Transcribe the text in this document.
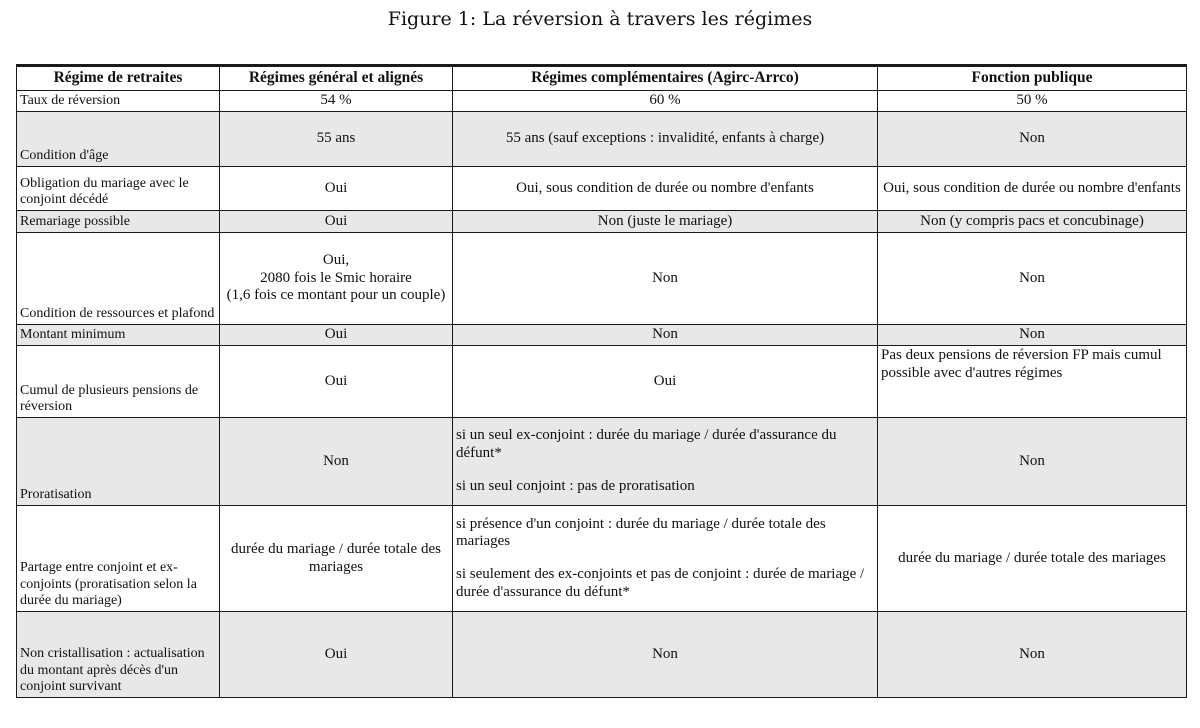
Figure 1: La réversion à travers les régimes
Régime de retraites	Régimes général et alignés	Régimes complémentaires (Agirc-Arrco)	Fonction publique
Taux de réversion	54 %	60 %	50 %
Condition d'âge	55 ans	55 ans (sauf exceptions : invalidité, enfants à charge)	Non
Obligation du mariage avec le conjoint décédé	Oui	Oui, sous condition de durée ou nombre d'enfants	Oui, sous condition de durée ou nombre d'enfants
Remariage possible	Oui	Non (juste le mariage)	Non (y compris pacs et concubinage)
Condition de ressources et plafond	Oui,
2080 fois le Smic horaire
(1,6 fois ce montant pour un couple)	Non	Non
Montant minimum	Oui	Non	Non
Cumul de plusieurs pensions de réversion	Oui	Oui	Pas deux pensions de réversion FP mais cumul possible avec d'autres régimes
Proratisation	Non	si un seul ex-conjoint : durée du mariage / durée d'assurance du défunt*
si un seul conjoint : pas de proratisation	Non
Partage entre conjoint et ex-conjoints (proratisation selon la durée du mariage)	durée du mariage / durée totale des mariages	si présence d'un conjoint : durée du mariage / durée totale des mariages
si seulement des ex-conjoints et pas de conjoint : durée de mariage / durée d'assurance du défunt*	durée du mariage / durée totale des mariages
Non cristallisation : actualisation du montant après décès d'un conjoint survivant	Oui	Non	Non
